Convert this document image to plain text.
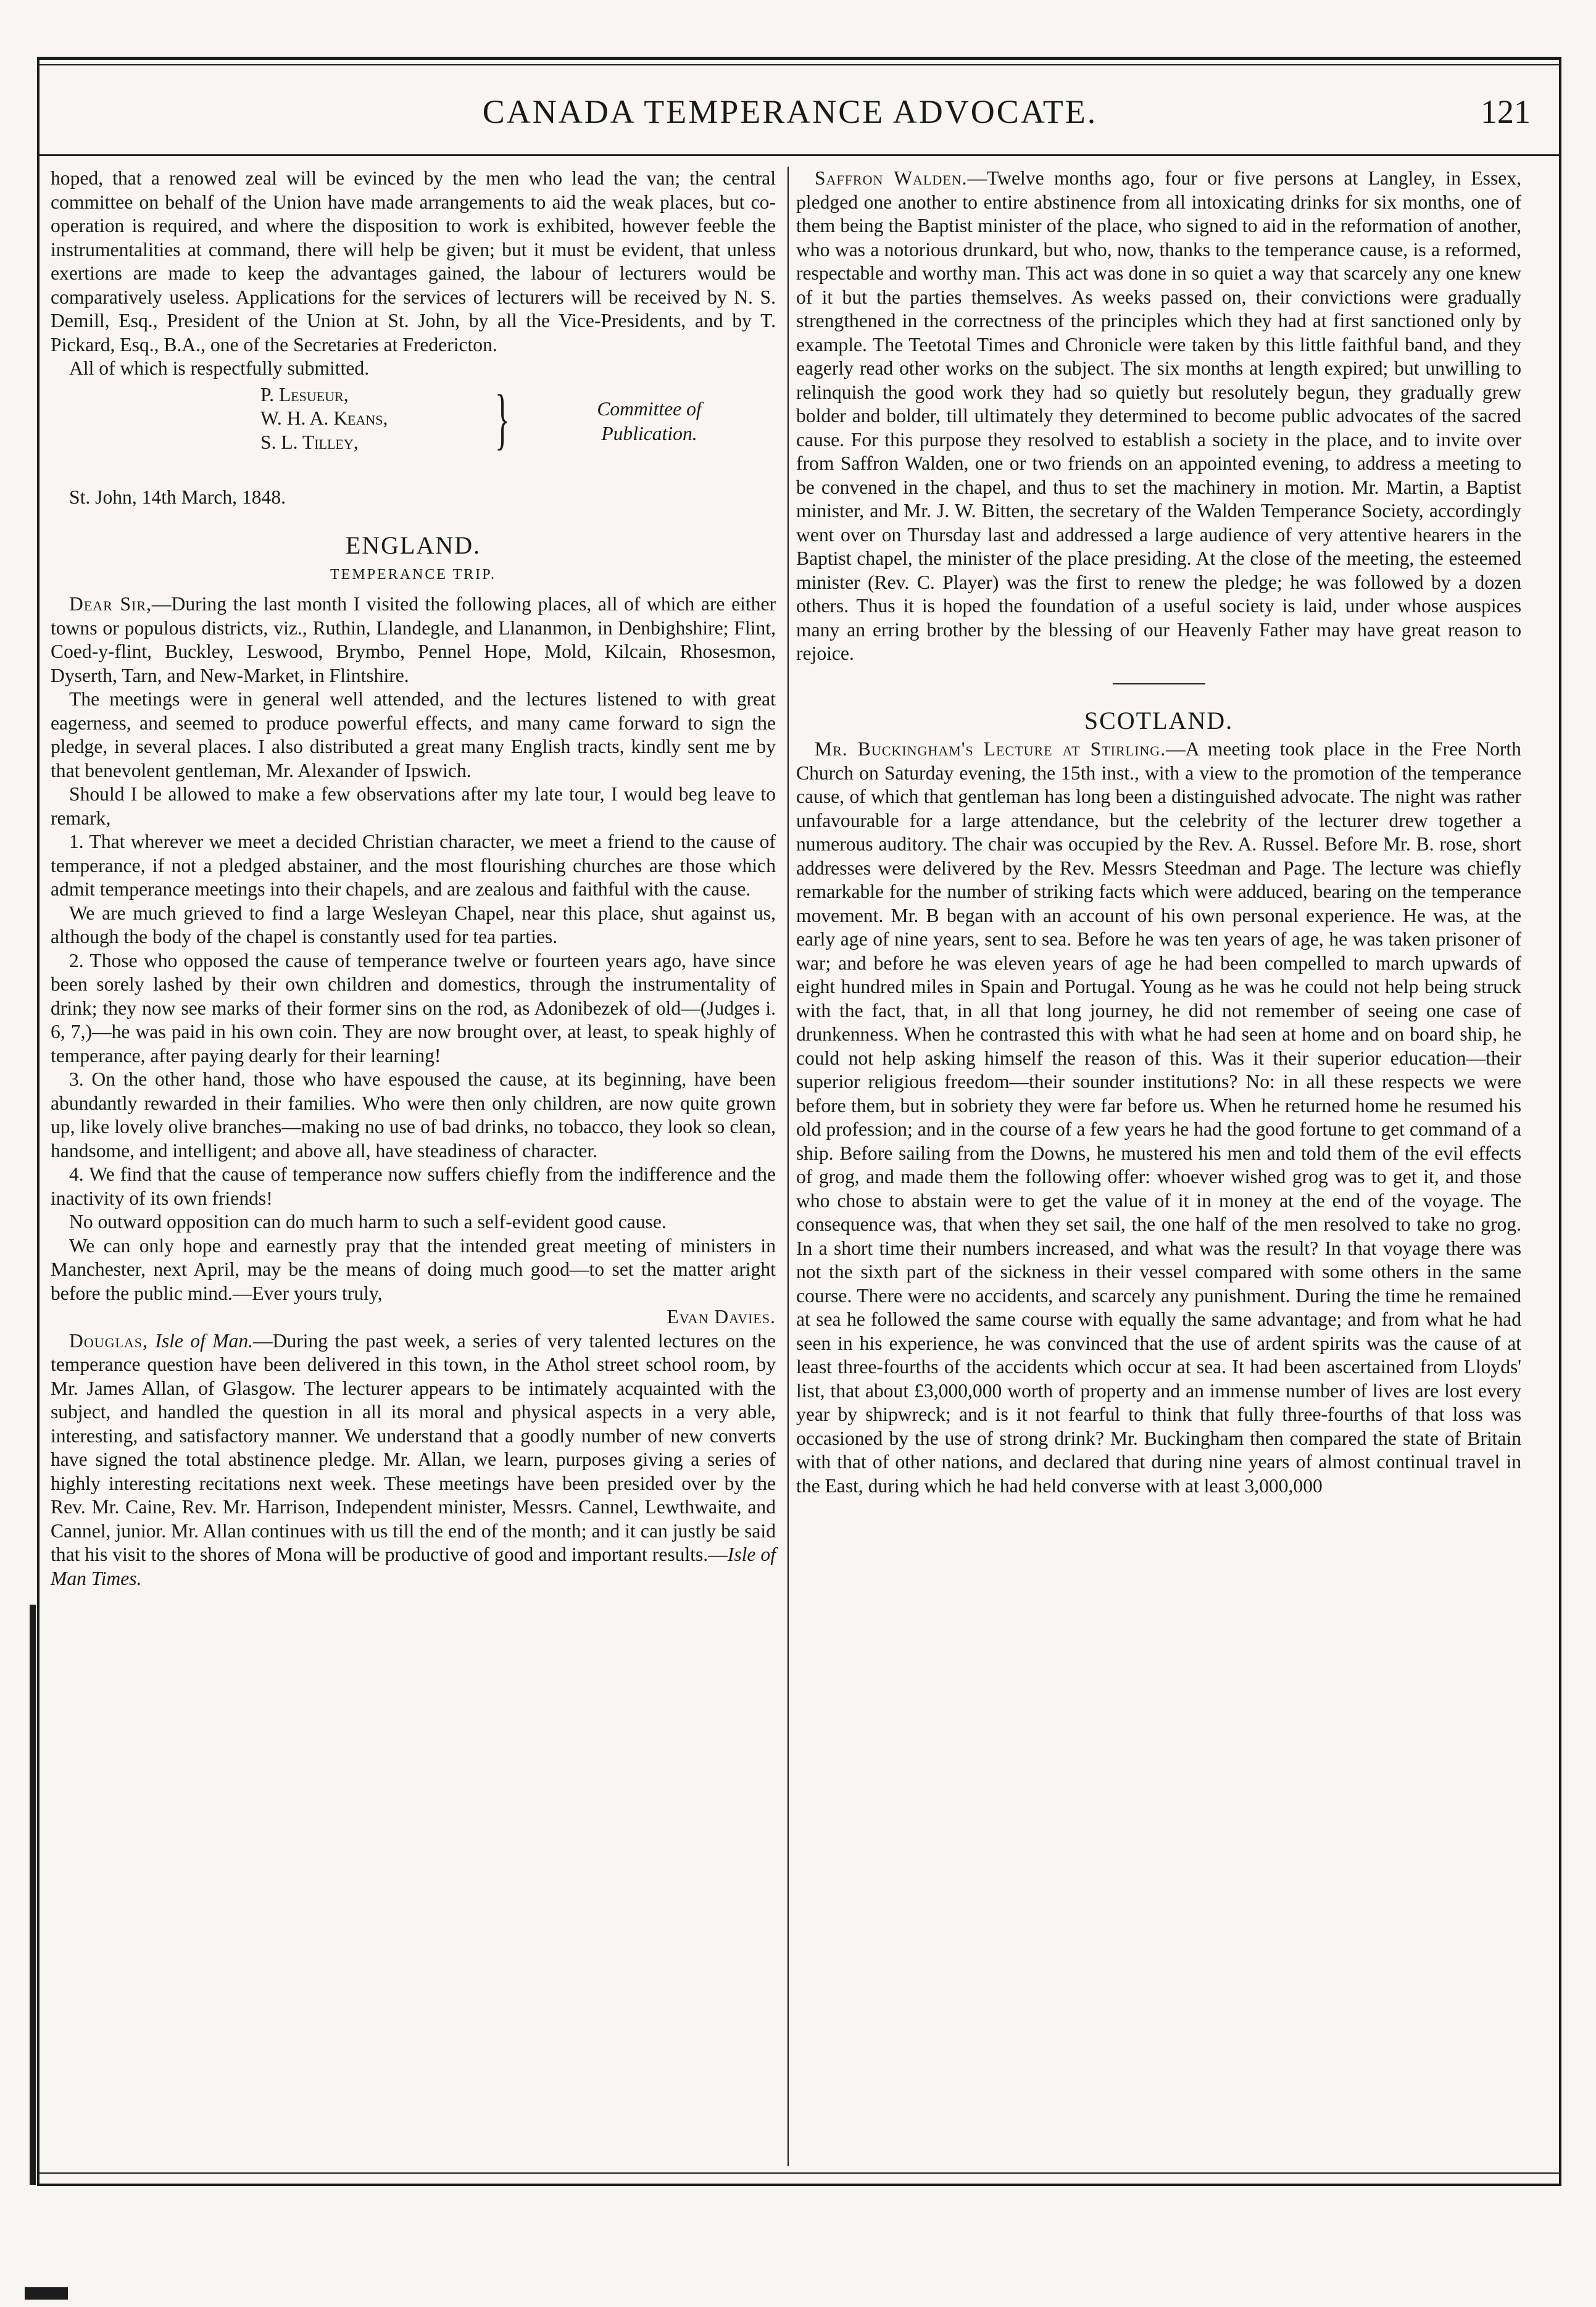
CANADA TEMPERANCE ADVOCATE.	121

hoped, that a renowed zeal will be evinced by the men who lead the van; the central committee on behalf of the Union have made arrangements to aid the weak places, but co-operation is required, and where the disposition to work is exhibited, however feeble the instrumentalities at command, there will help be given; but it must be evident, that unless exertions are made to keep the advantages gained, the labour of lecturers would be comparatively useless. Applications for the services of lecturers will be received by N. S. Demill, Esq., President of the Union at St. John, by all the Vice-Presidents, and by T. Pickard, Esq., B.A., one of the Secretaries at Fredericton.

All of which is respectfully submitted.

P. Lesueur,
W. H. A. Keans,
S. L. Tilley,	}	Committee of
Publication.

St. John, 14th March, 1848.

ENGLAND.
TEMPERANCE TRIP.

Dear Sir,—During the last month I visited the following places, all of which are either towns or populous districts, viz., Ruthin, Llandegle, and Llananmon, in Denbighshire; Flint, Coed-y-flint, Buckley, Leswood, Brymbo, Pennel Hope, Mold, Kilcain, Rhosesmon, Dyserth, Tarn, and New-Market, in Flintshire.

The meetings were in general well attended, and the lectures listened to with great eagerness, and seemed to produce powerful effects, and many came forward to sign the pledge, in several places. I also distributed a great many English tracts, kindly sent me by that benevolent gentleman, Mr. Alexander of Ipswich.

Should I be allowed to make a few observations after my late tour, I would beg leave to remark,

1. That wherever we meet a decided Christian character, we meet a friend to the cause of temperance, if not a pledged abstainer, and the most flourishing churches are those which admit temperance meetings into their chapels, and are zealous and faithful with the cause.

We are much grieved to find a large Wesleyan Chapel, near this place, shut against us, although the body of the chapel is constantly used for tea parties.

2. Those who opposed the cause of temperance twelve or fourteen years ago, have since been sorely lashed by their own children and domestics, through the instrumentality of drink; they now see marks of their former sins on the rod, as Adonibezek of old—(Judges i. 6, 7,)—he was paid in his own coin. They are now brought over, at least, to speak highly of temperance, after paying dearly for their learning!

3. On the other hand, those who have espoused the cause, at its beginning, have been abundantly rewarded in their families. Who were then only children, are now quite grown up, like lovely olive branches—making no use of bad drinks, no tobacco, they look so clean, handsome, and intelligent; and above all, have steadiness of character.

4. We find that the cause of temperance now suffers chiefly from the indifference and the inactivity of its own friends!

No outward opposition can do much harm to such a self-evident good cause.

We can only hope and earnestly pray that the intended great meeting of ministers in Manchester, next April, may be the means of doing much good—to set the matter aright before the public mind.—Ever yours truly,

Evan Davies.

Douglas, Isle of Man.—During the past week, a series of very talented lectures on the temperance question have been delivered in this town, in the Athol street school room, by Mr. James Allan, of Glasgow. The lecturer appears to be intimately acquainted with the subject, and handled the question in all its moral and physical aspects in a very able, interesting, and satisfactory manner. We understand that a goodly number of new converts have signed the total abstinence pledge. Mr. Allan, we learn, purposes giving a series of highly interesting recitations next week. These meetings have been presided over by the Rev. Mr. Caine, Rev. Mr. Harrison, Independent minister, Messrs. Cannel, Lewthwaite, and Cannel, junior. Mr. Allan continues with us till the end of the month; and it can justly be said that his visit to the shores of Mona will be productive of good and important results.—Isle of Man Times.

Saffron Walden.—Twelve months ago, four or five persons at Langley, in Essex, pledged one another to entire abstinence from all intoxicating drinks for six months, one of them being the Baptist minister of the place, who signed to aid in the reformation of another, who was a notorious drunkard, but who, now, thanks to the temperance cause, is a reformed, respectable and worthy man. This act was done in so quiet a way that scarcely any one knew of it but the parties themselves. As weeks passed on, their convictions were gradually strengthened in the correctness of the principles which they had at first sanctioned only by example. The Teetotal Times and Chronicle were taken by this little faithful band, and they eagerly read other works on the subject. The six months at length expired; but unwilling to relinquish the good work they had so quietly but resolutely begun, they gradually grew bolder and bolder, till ultimately they determined to become public advocates of the sacred cause. For this purpose they resolved to establish a society in the place, and to invite over from Saffron Walden, one or two friends on an appointed evening, to address a meeting to be convened in the chapel, and thus to set the machinery in motion. Mr. Martin, a Baptist minister, and Mr. J. W. Bitten, the secretary of the Walden Temperance Society, accordingly went over on Thursday last and addressed a large audience of very attentive hearers in the Baptist chapel, the minister of the place presiding. At the close of the meeting, the esteemed minister (Rev. C. Player) was the first to renew the pledge; he was followed by a dozen others. Thus it is hoped the foundation of a useful society is laid, under whose auspices many an erring brother by the blessing of our Heavenly Father may have great reason to rejoice.

SCOTLAND.

Mr. Buckingham's Lecture at Stirling.—A meeting took place in the Free North Church on Saturday evening, the 15th inst., with a view to the promotion of the temperance cause, of which that gentleman has long been a distinguished advocate. The night was rather unfavourable for a large attendance, but the celebrity of the lecturer drew together a numerous auditory. The chair was occupied by the Rev. A. Russel. Before Mr. B. rose, short addresses were delivered by the Rev. Messrs Steedman and Page. The lecture was chiefly remarkable for the number of striking facts which were adduced, bearing on the temperance movement. Mr. B began with an account of his own personal experience. He was, at the early age of nine years, sent to sea. Before he was ten years of age, he was taken prisoner of war; and before he was eleven years of age he had been compelled to march upwards of eight hundred miles in Spain and Portugal. Young as he was he could not help being struck with the fact, that, in all that long journey, he did not remember of seeing one case of drunkenness. When he contrasted this with what he had seen at home and on board ship, he could not help asking himself the reason of this. Was it their superior education—their superior religious freedom—their sounder institutions? No: in all these respects we were before them, but in sobriety they were far before us. When he returned home he resumed his old profession; and in the course of a few years he had the good fortune to get command of a ship. Before sailing from the Downs, he mustered his men and told them of the evil effects of grog, and made them the following offer: whoever wished grog was to get it, and those who chose to abstain were to get the value of it in money at the end of the voyage. The consequence was, that when they set sail, the one half of the men resolved to take no grog. In a short time their numbers increased, and what was the result? In that voyage there was not the sixth part of the sickness in their vessel compared with some others in the same course. There were no accidents, and scarcely any punishment. During the time he remained at sea he followed the same course with equally the same advantage; and from what he had seen in his experience, he was convinced that the use of ardent spirits was the cause of at least three-fourths of the accidents which occur at sea. It had been ascertained from Lloyds' list, that about £3,000,000 worth of property and an immense number of lives are lost every year by shipwreck; and is it not fearful to think that fully three-fourths of that loss was occasioned by the use of strong drink? Mr. Buckingham then compared the state of Britain with that of other nations, and declared that during nine years of almost continual travel in the East, during which he had held converse with at least 3,000,000
